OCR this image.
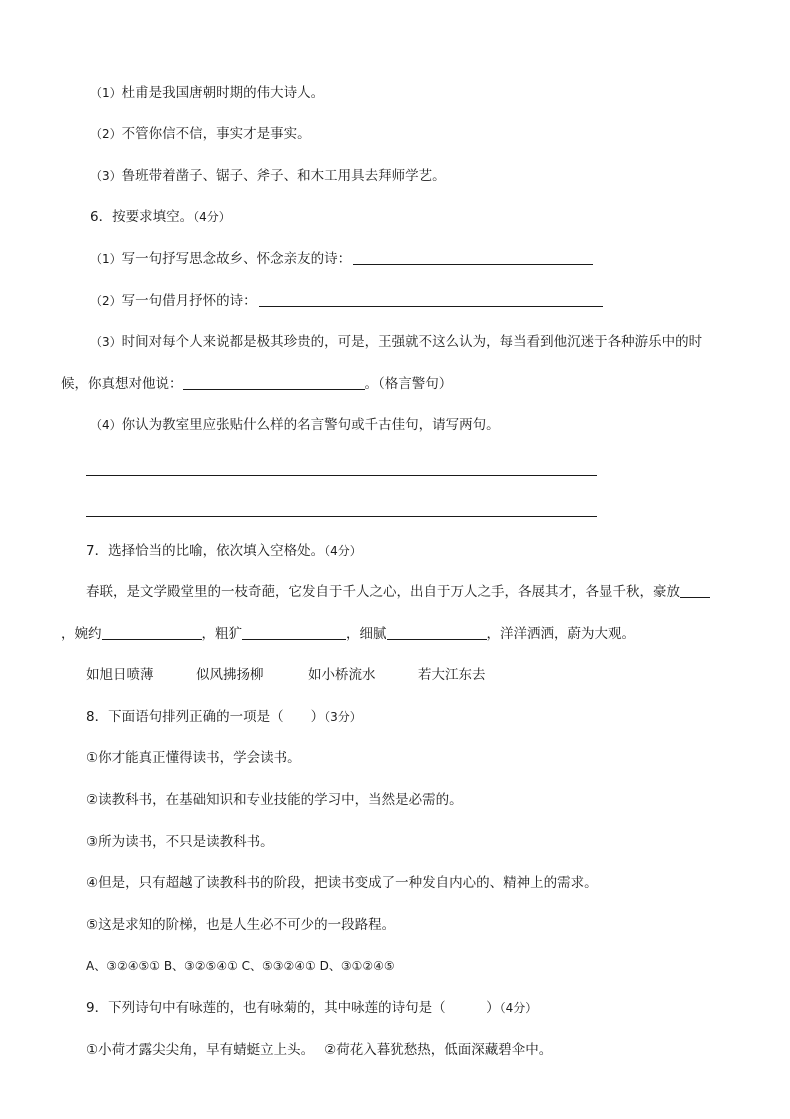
（1）杜甫是我国唐朝时期的伟大诗人。
（2）不管你信不信，事实才是事实。
（3）鲁班带着凿子、锯子、斧子、和木工用具去拜师学艺。
6．按要求填空。（4分）
（1）写一句抒写思念故乡、怀念亲友的诗：
（2）写一句借月抒怀的诗：
（3）时间对每个人来说都是极其珍贵的，可是，王强就不这么认为，每当看到他沉迷于各种游乐中的时
候，你真想对他说：	。（格言警句）
（4）你认为教室里应张贴什么样的名言警句或千古佳句，请写两句。
7．选择恰当的比喻，依次填入空格处。（4分）
春联，是文学殿堂里的一枝奇葩，它发自于千人之心，出自于万人之手，各展其才，各显千秋，豪放
，婉约	，粗犷	，细腻	，洋洋洒洒，蔚为大观。
如旭日喷薄	似风拂扬柳	如小桥流水	若大江东去
8．下面语句排列正确的一项是（　　）（3分）
①你才能真正懂得读书，学会读书。
②读教科书，在基础知识和专业技能的学习中，当然是必需的。
③所为读书，不只是读教科书。
④但是，只有超越了读教科书的阶段，把读书变成了一种发自内心的、精神上的需求。
⑤这是求知的阶梯，也是人生必不可少的一段路程。
A、③②④⑤① B、③②⑤④① C、⑤③②④① D、③①②④⑤
9．下列诗句中有咏莲的，也有咏菊的，其中咏莲的诗句是（　　　）（4分）
①小荷才露尖尖角，早有蜻蜓立上头。 ②荷花入暮犹愁热，低面深藏碧伞中。
